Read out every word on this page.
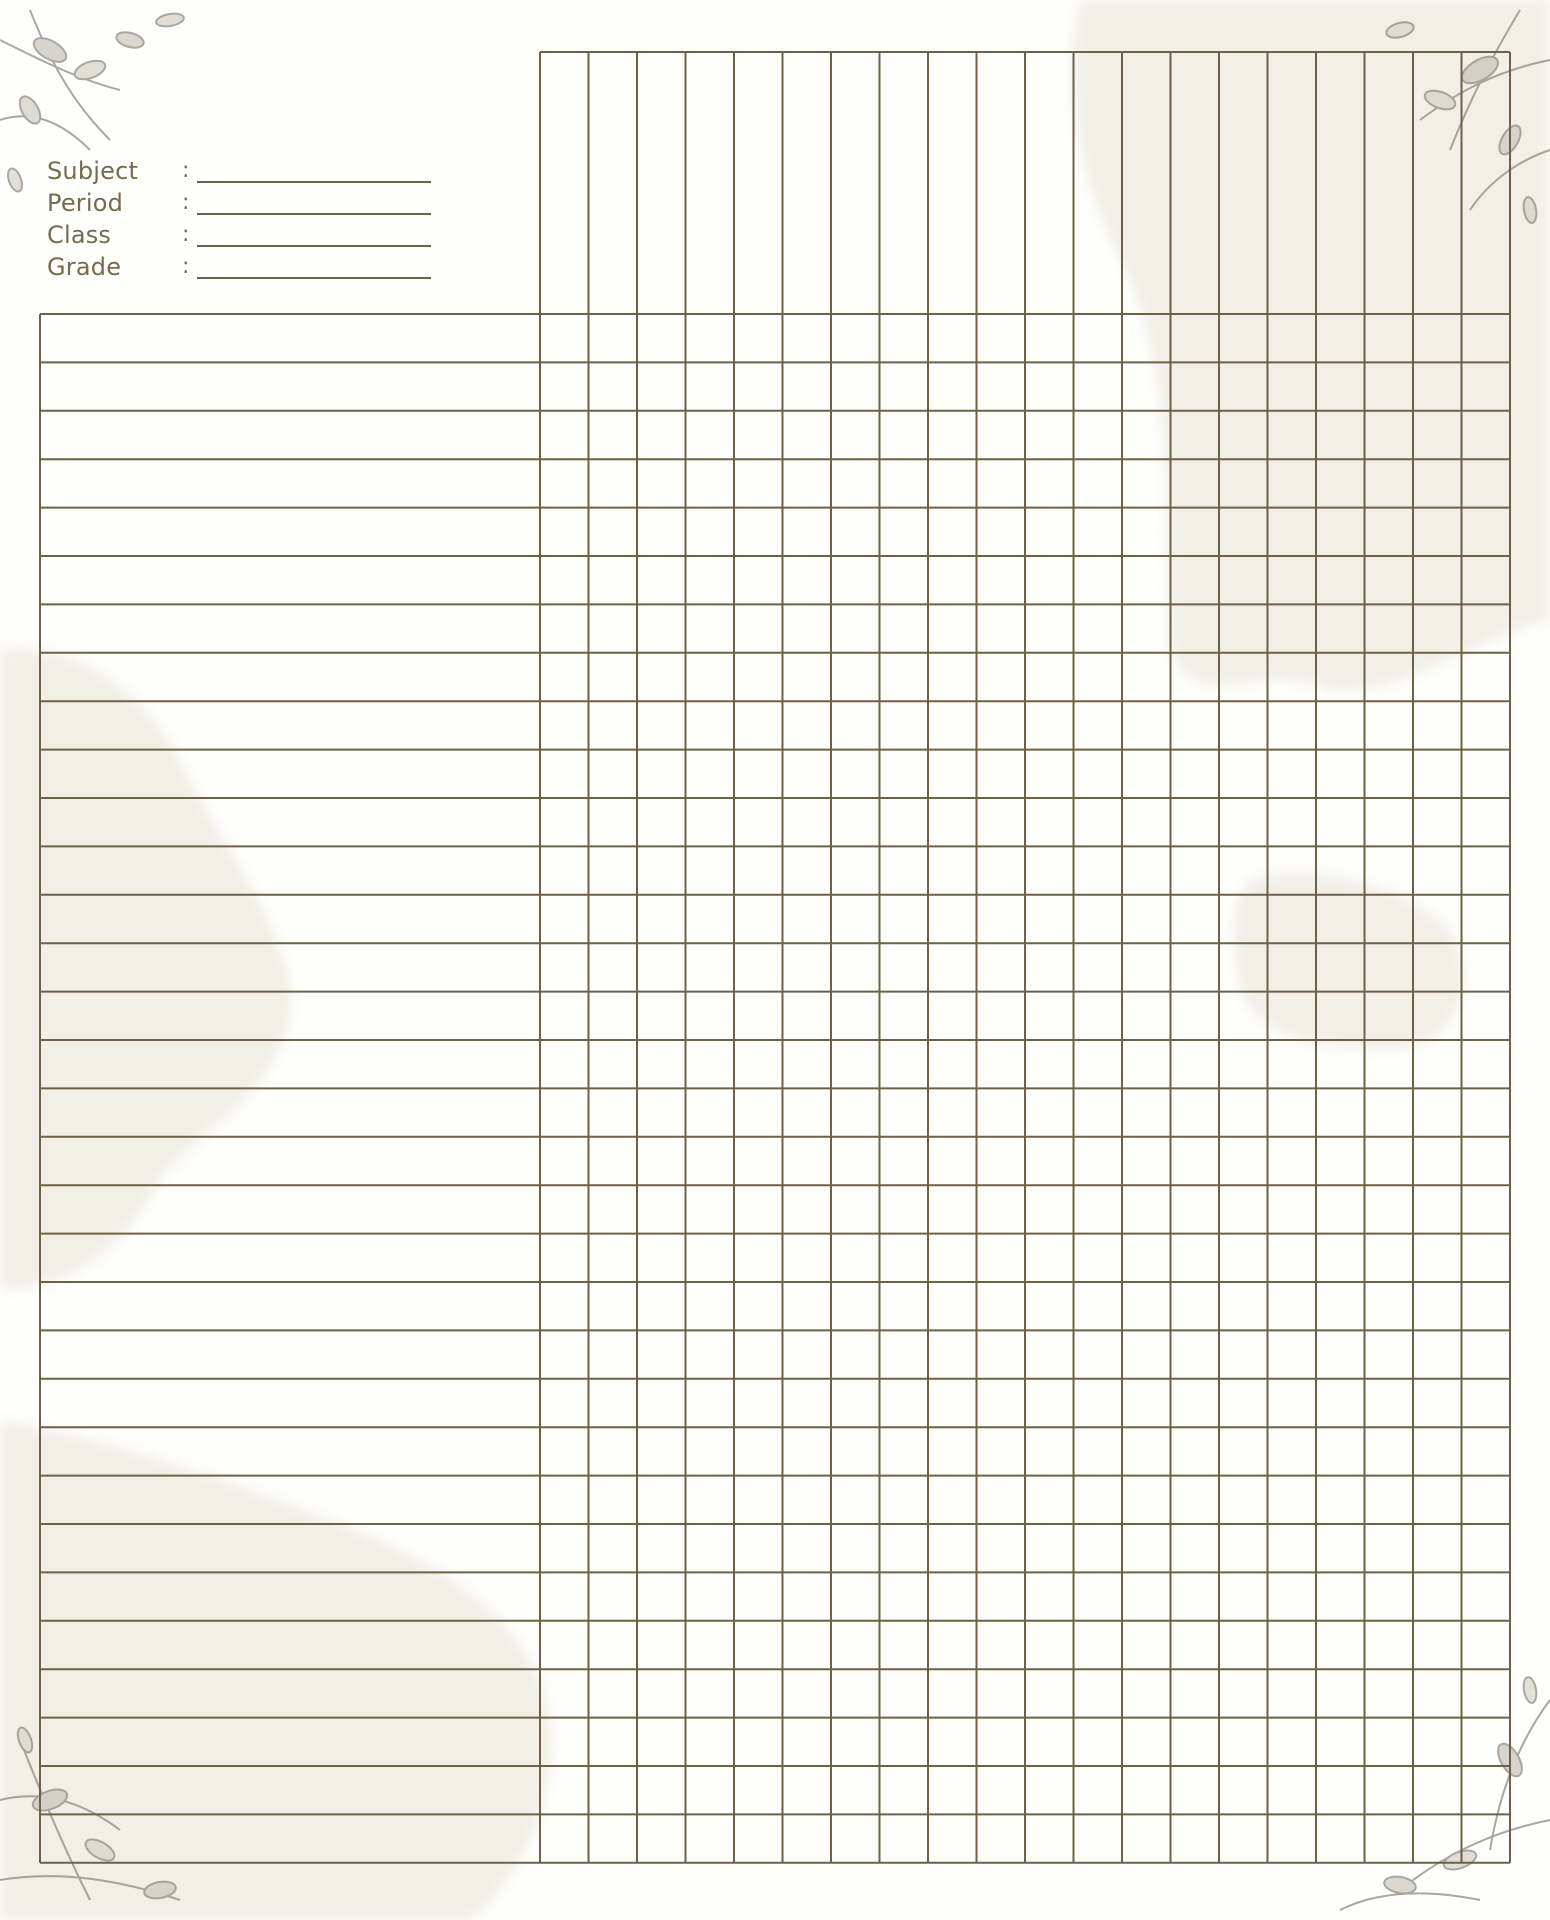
Subject :
Period	:
Class	:
Grade	:
